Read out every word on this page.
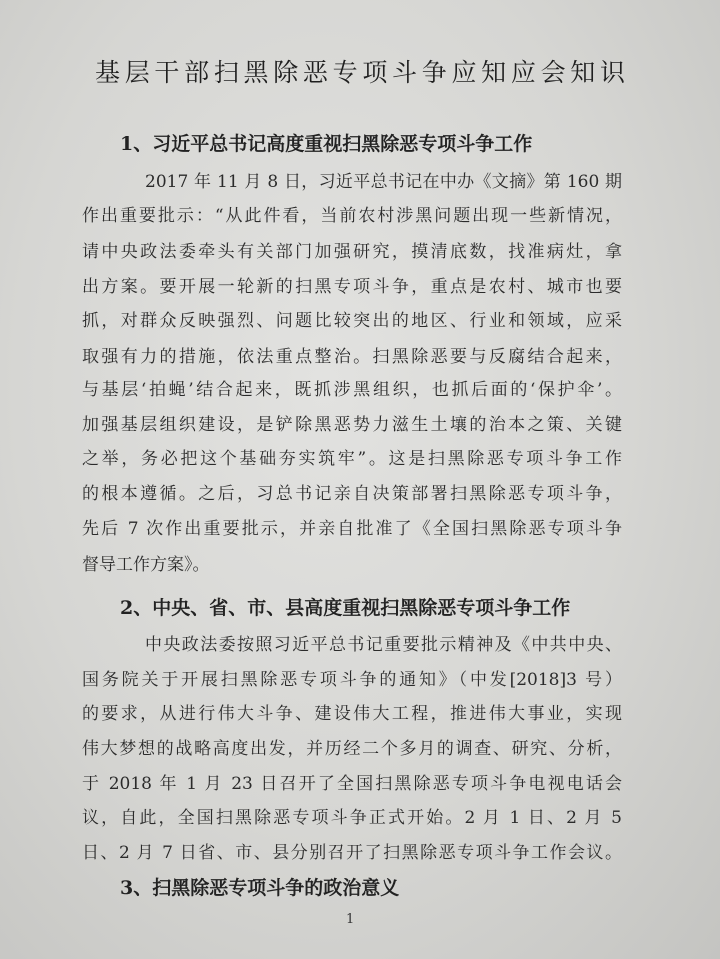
基层干部扫黑除恶专项斗争应知应会知识
1、习近平总书记高度重视扫黑除恶专项斗争工作
2017 年 11 月 8 日，习近平总书记在中办《文摘》第 160 期
作出重要批示：“从此件看，当前农村涉黑问题出现一些新情况，
请中央政法委牵头有关部门加强研究，摸清底数，找准病灶，拿
出方案。要开展一轮新的扫黑专项斗争，重点是农村、城市也要
抓，对群众反映强烈、问题比较突出的地区、行业和领域，应采
取强有力的措施，依法重点整治。扫黑除恶要与反腐结合起来，
与基层‘拍蝇’结合起来，既抓涉黑组织，也抓后面的‘保护伞’。
加强基层组织建设，是铲除黑恶势力滋生土壤的治本之策、关键
之举，务必把这个基础夯实筑牢”。这是扫黑除恶专项斗争工作
的根本遵循。之后，习总书记亲自决策部署扫黑除恶专项斗争，
先后 7 次作出重要批示，并亲自批准了《全国扫黑除恶专项斗争
督导工作方案》。
2、中央、省、市、县高度重视扫黑除恶专项斗争工作
中央政法委按照习近平总书记重要批示精神及《中共中央、
国务院关于开展扫黑除恶专项斗争的通知》（中发[2018]3 号）
的要求，从进行伟大斗争、建设伟大工程，推进伟大事业，实现
伟大梦想的战略高度出发，并历经二个多月的调查、研究、分析，
于 2018 年 1 月 23 日召开了全国扫黑除恶专项斗争电视电话会
议，自此，全国扫黑除恶专项斗争正式开始。2 月 1 日、2 月 5
日、2 月 7 日省、市、县分别召开了扫黑除恶专项斗争工作会议。
3、扫黑除恶专项斗争的政治意义
1
